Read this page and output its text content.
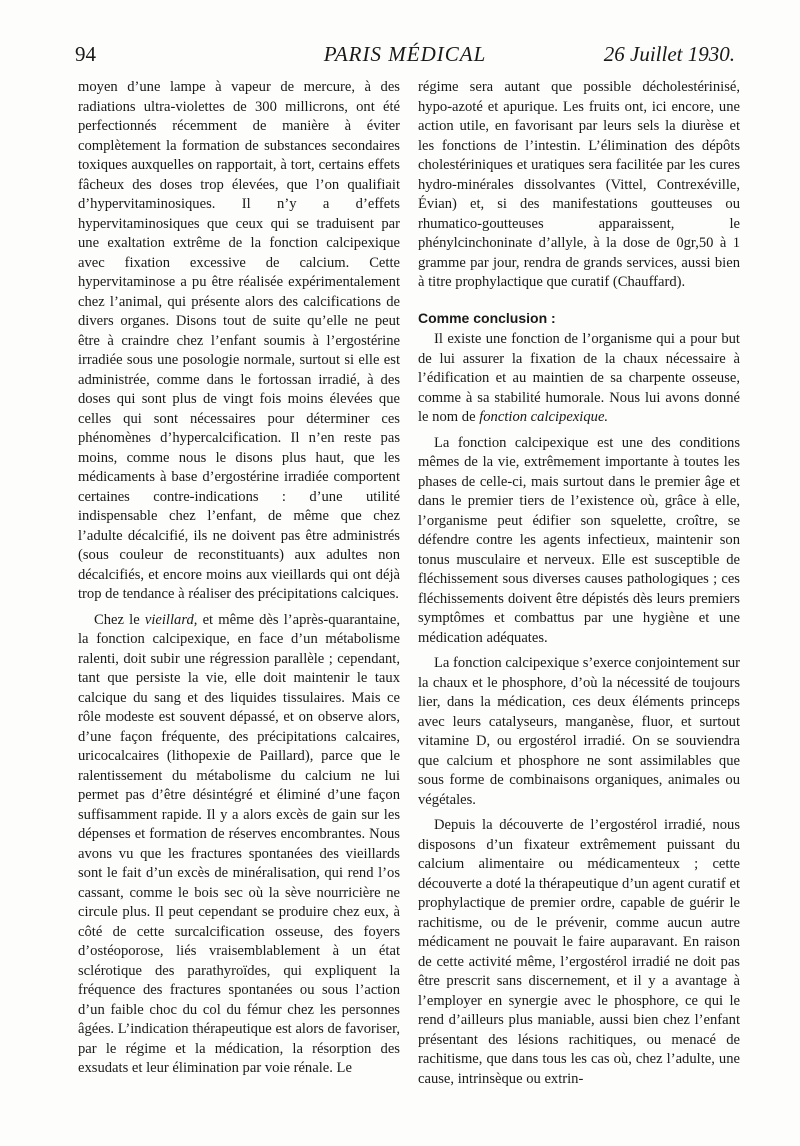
94	PARIS MÉDICAL	26 Juillet 1930.

moyen d’une lampe à vapeur de mercure, à des radiations ultra-violettes de 300 millicrons, ont été perfectionnés récemment de manière à éviter complètement la formation de substances secondaires toxiques auxquelles on rapportait, à tort, certains effets fâcheux des doses trop élevées, que l’on qualifiait d’hypervitaminosiques. Il n’y a d’effets hypervitaminosiques que ceux qui se traduisent par une exaltation extrême de la fonction calcipexique avec fixation excessive de calcium. Cette hypervitaminose a pu être réalisée expérimentalement chez l’animal, qui présente alors des calcifications de divers organes. Disons tout de suite qu’elle ne peut être à craindre chez l’enfant soumis à l’ergostérine irradiée sous une posologie normale, surtout si elle est administrée, comme dans le fortossan irradié, à des doses qui sont plus de vingt fois moins élevées que celles qui sont nécessaires pour déterminer ces phénomènes d’hypercalcification. Il n’en reste pas moins, comme nous le disons plus haut, que les médicaments à base d’ergostérine irradiée comportent certaines contre-indications : d’une utilité indispensable chez l’enfant, de même que chez l’adulte décalcifié, ils ne doivent pas être administrés (sous couleur de reconstituants) aux adultes non décalcifiés, et encore moins aux vieillards qui ont déjà trop de tendance à réaliser des précipitations calciques.

Chez le vieillard, et même dès l’après-quarantaine, la fonction calcipexique, en face d’un métabolisme ralenti, doit subir une régression parallèle ; cependant, tant que persiste la vie, elle doit maintenir le taux calcique du sang et des liquides tissulaires. Mais ce rôle modeste est souvent dépassé, et on observe alors, d’une façon fréquente, des précipitations calcaires, uricocalcaires (lithopexie de Paillard), parce que le ralentissement du métabolisme du calcium ne lui permet pas d’être désintégré et éliminé d’une façon suffisamment rapide. Il y a alors excès de gain sur les dépenses et formation de réserves encombrantes. Nous avons vu que les fractures spontanées des vieillards sont le fait d’un excès de minéralisation, qui rend l’os cassant, comme le bois sec où la sève nourricière ne circule plus. Il peut cependant se produire chez eux, à côté de cette surcalcification osseuse, des foyers d’ostéoporose, liés vraisemblablement à un état sclérotique des parathyroïdes, qui expliquent la fréquence des fractures spontanées ou sous l’action d’un faible choc du col du fémur chez les personnes âgées. L’indication thérapeutique est alors de favoriser, par le régime et la médication, la résorption des exsudats et leur élimination par voie rénale. Le

régime sera autant que possible décholestérinisé, hypo-azoté et apurique. Les fruits ont, ici encore, une action utile, en favorisant par leurs sels la diurèse et les fonctions de l’intestin. L’élimination des dépôts cholestériniques et uratiques sera facilitée par les cures hydro-minérales dissolvantes (Vittel, Contrexéville, Évian) et, si des manifestations goutteuses ou rhumatico-goutteuses apparaissent, le phénylcinchoninate d’allyle, à la dose de 0gr,50 à 1 gramme par jour, rendra de grands services, aussi bien à titre prophylactique que curatif (Chauffard).

Comme conclusion :

Il existe une fonction de l’organisme qui a pour but de lui assurer la fixation de la chaux nécessaire à l’édification et au maintien de sa charpente osseuse, comme à sa stabilité humorale. Nous lui avons donné le nom de fonction calcipexique.

La fonction calcipexique est une des conditions mêmes de la vie, extrêmement importante à toutes les phases de celle-ci, mais surtout dans le premier âge et dans le premier tiers de l’existence où, grâce à elle, l’organisme peut édifier son squelette, croître, se défendre contre les agents infectieux, maintenir son tonus musculaire et nerveux. Elle est susceptible de fléchissement sous diverses causes pathologiques ; ces fléchissements doivent être dépistés dès leurs premiers symptômes et combattus par une hygiène et une médication adéquates.

La fonction calcipexique s’exerce conjointement sur la chaux et le phosphore, d’où la nécessité de toujours lier, dans la médication, ces deux éléments princeps avec leurs catalyseurs, manganèse, fluor, et surtout vitamine D, ou ergostérol irradié. On se souviendra que calcium et phosphore ne sont assimilables que sous forme de combinaisons organiques, animales ou végétales.

Depuis la découverte de l’ergostérol irradié, nous disposons d’un fixateur extrêmement puissant du calcium alimentaire ou médicamenteux ; cette découverte a doté la thérapeutique d’un agent curatif et prophylactique de premier ordre, capable de guérir le rachitisme, ou de le prévenir, comme aucun autre médicament ne pouvait le faire auparavant. En raison de cette activité même, l’ergostérol irradié ne doit pas être prescrit sans discernement, et il y a avantage à l’employer en synergie avec le phosphore, ce qui le rend d’ailleurs plus maniable, aussi bien chez l’enfant présentant des lésions rachitiques, ou menacé de rachitisme, que dans tous les cas où, chez l’adulte, une cause, intrinsèque ou extrin-
